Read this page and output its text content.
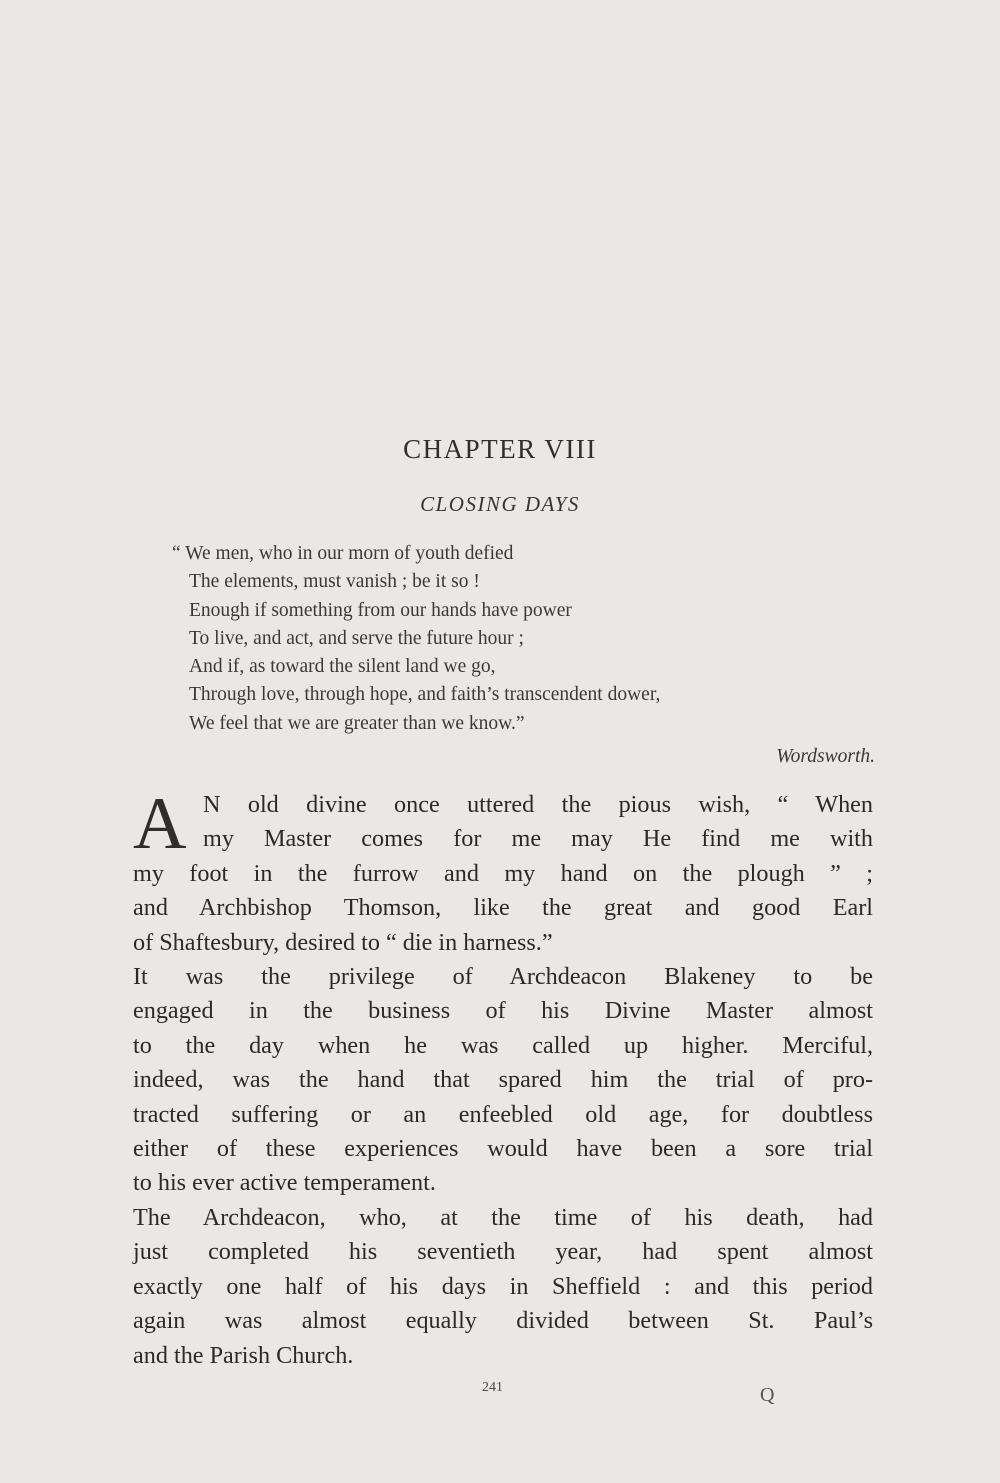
CHAPTER VIII
CLOSING DAYS
“ We men, who in our morn of youth defied
The elements, must vanish ; be it so !
Enough if something from our hands have power
To live, and act, and serve the future hour ;
And if, as toward the silent land we go,
Through love, through hope, and faith’s transcendent dower,
We feel that we are greater than we know.”
Wordsworth.
A N old divine once uttered the pious wish, “ When
my Master comes for me may He find me with
my foot in the furrow and my hand on the plough ” ;
and Archbishop Thomson, like the great and good Earl
of Shaftesbury, desired to “ die in harness.”
It was the privilege of Archdeacon Blakeney to be
engaged in the business of his Divine Master almost
to the day when he was called up higher. Merciful,
indeed, was the hand that spared him the trial of pro-
tracted suffering or an enfeebled old age, for doubtless
either of these experiences would have been a sore trial
to his ever active temperament.
The Archdeacon, who, at the time of his death, had
just completed his seventieth year, had spent almost
exactly one half of his days in Sheffield : and this period
again was almost equally divided between St. Paul’s
and the Parish Church.
241	Q
